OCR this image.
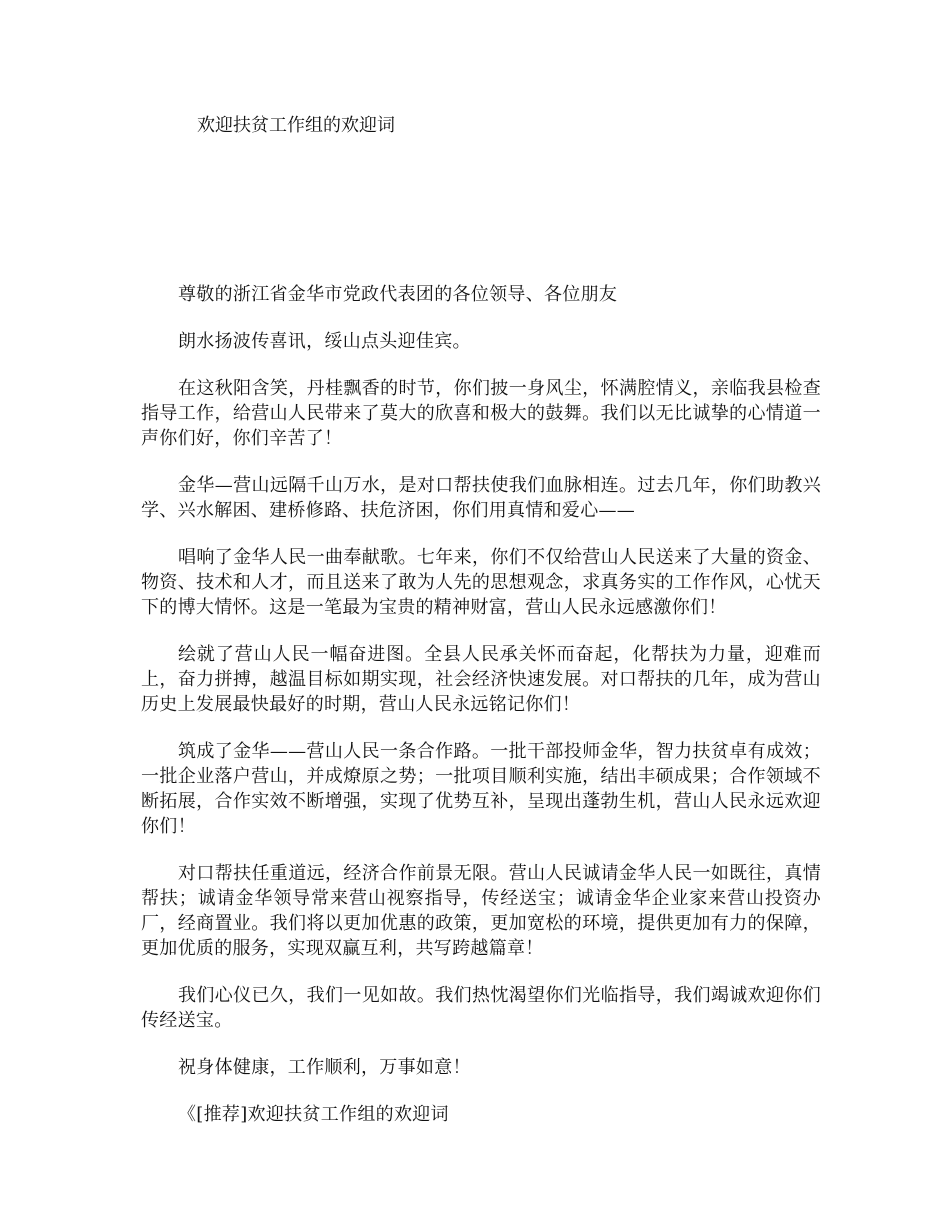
欢迎扶贫工作组的欢迎词

尊敬的浙江省金华市党政代表团的各位领导、各位朋友

朗水扬波传喜讯，绥山点头迎佳宾。

在这秋阳含笑，丹桂飘香的时节，你们披一身风尘，怀满腔情义，亲临我县检查指导工作，给营山人民带来了莫大的欣喜和极大的鼓舞。我们以无比诚挚的心情道一声你们好，你们辛苦了！

金华—营山远隔千山万水，是对口帮扶使我们血脉相连。过去几年，你们助教兴学、兴水解困、建桥修路、扶危济困，你们用真情和爱心——

唱响了金华人民一曲奉献歌。七年来，你们不仅给营山人民送来了大量的资金、物资、技术和人才，而且送来了敢为人先的思想观念，求真务实的工作作风，心忧天下的博大情怀。这是一笔最为宝贵的精神财富，营山人民永远感激你们！

绘就了营山人民一幅奋进图。全县人民承关怀而奋起，化帮扶为力量，迎难而上，奋力拼搏，越温目标如期实现，社会经济快速发展。对口帮扶的几年，成为营山历史上发展最快最好的时期，营山人民永远铭记你们！

筑成了金华——营山人民一条合作路。一批干部投师金华，智力扶贫卓有成效；一批企业落户营山，并成燎原之势；一批项目顺利实施，结出丰硕成果；合作领域不断拓展，合作实效不断增强，实现了优势互补，呈现出蓬勃生机，营山人民永远欢迎你们！

对口帮扶任重道远，经济合作前景无限。营山人民诚请金华人民一如既往，真情帮扶；诚请金华领导常来营山视察指导，传经送宝；诚请金华企业家来营山投资办厂，经商置业。我们将以更加优惠的政策，更加宽松的环境，提供更加有力的保障，更加优质的服务，实现双赢互利，共写跨越篇章！

我们心仪已久，我们一见如故。我们热忱渴望你们光临指导，我们竭诚欢迎你们传经送宝。

祝身体健康，工作顺利，万事如意！

《[推荐]欢迎扶贫工作组的欢迎词
